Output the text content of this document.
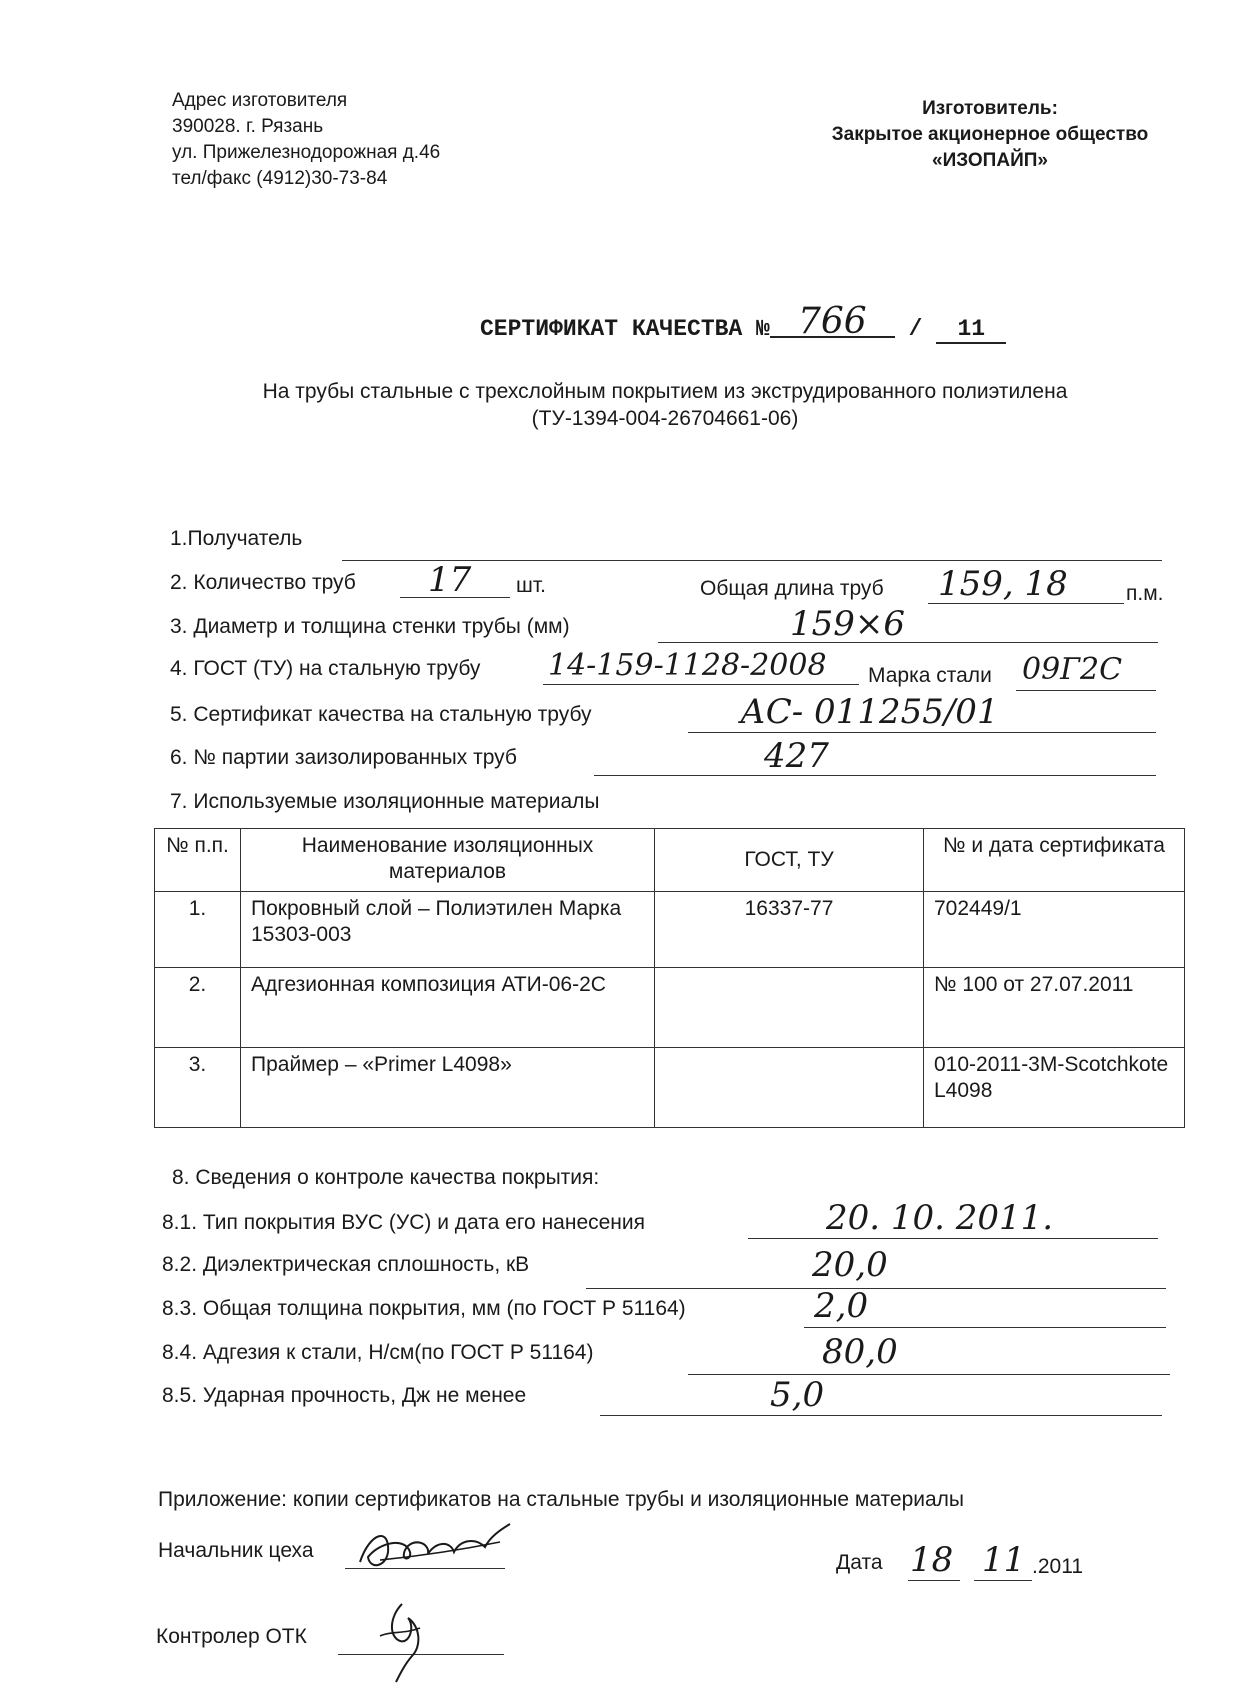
Адрес изготовителя
390028. г. Рязань
ул. Прижелезнодорожная д.46
тел/факс (4912)30-73-84
Изготовитель:
Закрытое акционерное общество
«ИЗОПАЙП»
СЕРТИФИКАТ КАЧЕСТВА № 766 / 11
На трубы стальные с трехслойным покрытием из экструдированного полиэтилена
(ТУ-1394-004-26704661-06)
1.Получатель
2. Количество труб 17 шт.	Общая длина труб 159, 18	п.м.
3. Диаметр и толщина стенки трубы (мм)	159×6
4. ГОСТ (ТУ) на стальную трубу 14-159-1128-2008 Марка стали 09Г2С
5. Сертификат качества на стальную трубу	АС- 011255/01
6. № партии заизолированных труб	427
7. Используемые изоляционные материалы
№ п.п.	Наименование изоляционных материалов	ГОСТ, ТУ	№ и дата сертификата
1.	Покровный слой – Полиэтилен Марка 15303-003	16337-77	702449/1
2.	Адгезионная композиция АТИ-06-2С		№ 100 от 27.07.2011
3.	Праймер – «Primer L4098»		010-2011-3М-Scotchkote L4098
8. Сведения о контроле качества покрытия:
8.1. Тип покрытия ВУС (УС) и дата его нанесения	20. 10. 2011.
8.2. Диэлектрическая сплошность, кВ	20,0
8.3. Общая толщина покрытия, мм (по ГОСТ Р 51164)	2,0
8.4. Адгезия к стали, Н/см(по ГОСТ Р 51164)	80,0
8.5. Ударная прочность, Дж не менее	5,0
Приложение: копии сертификатов на стальные трубы и изоляционные материалы
Начальник цеха
Дата 18 11 .2011
Контролер ОТК
